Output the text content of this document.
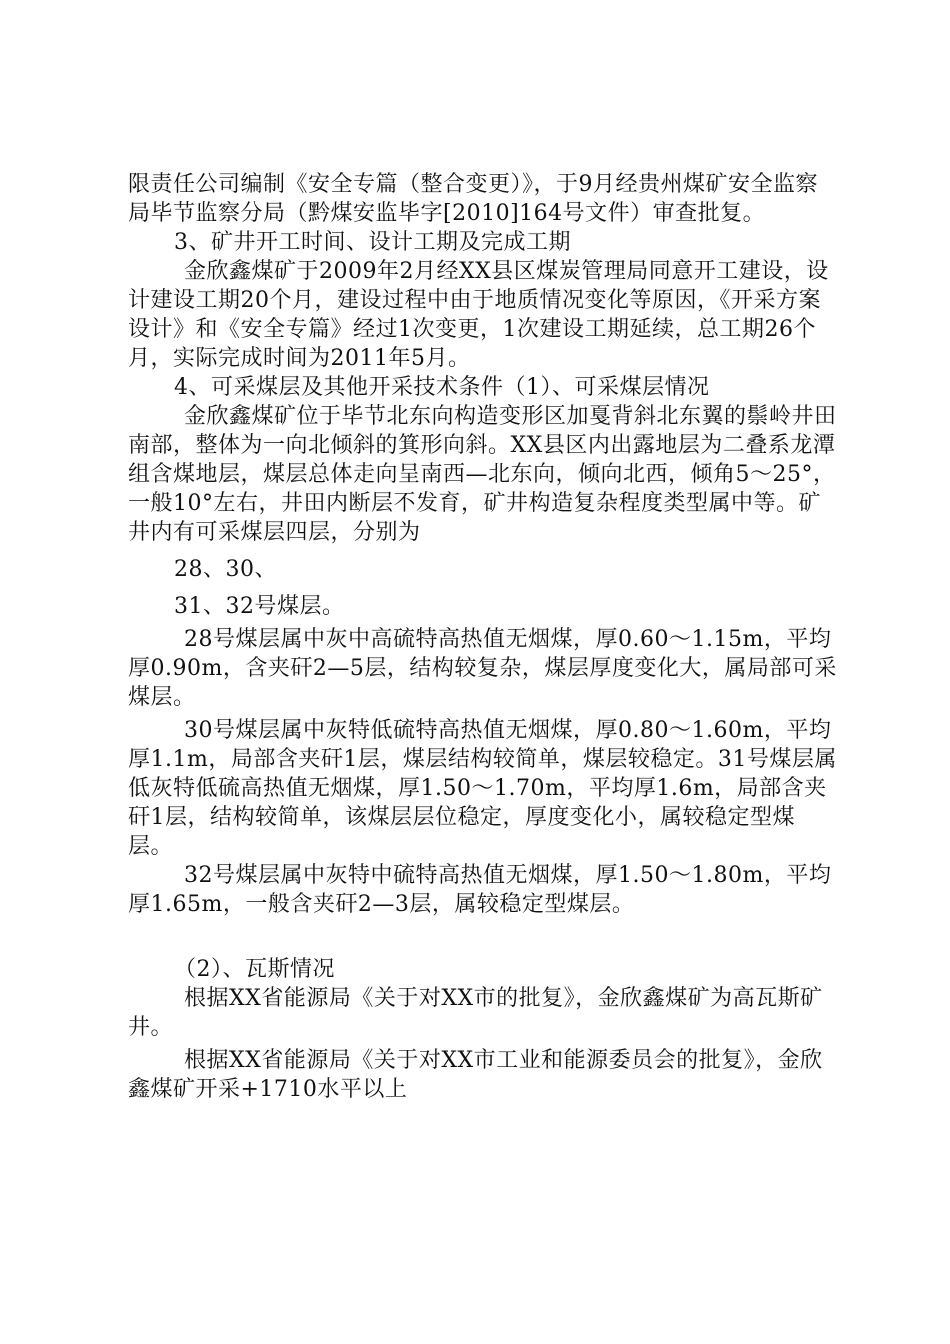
限责任公司编制《安全专篇（整合变更）》，于9月经贵州煤矿安全监察局毕节监察分局（黔煤安监毕字[2010]164号文件）审查批复。

3、矿井开工时间、设计工期及完成工期

金欣鑫煤矿于2009年2月经XX县区煤炭管理局同意开工建设，设计建设工期20个月，建设过程中由于地质情况变化等原因，《开采方案设计》和《安全专篇》经过1次变更，1次建设工期延续，总工期26个月，实际完成时间为2011年5月。

4、可采煤层及其他开采技术条件（1）、可采煤层情况

金欣鑫煤矿位于毕节北东向构造变形区加戛背斜北东翼的鬃岭井田南部，整体为一向北倾斜的箕形向斜。XX县区内出露地层为二叠系龙潭组含煤地层，煤层总体走向呈南西—北东向，倾向北西，倾角5～25°，一般10°左右，井田内断层不发育，矿井构造复杂程度类型属中等。矿井内有可采煤层四层，分别为

28、30、

31、32号煤层。

28号煤层属中灰中高硫特高热值无烟煤，厚0.60～1.15m，平均厚0.90m，含夹矸2—5层，结构较复杂，煤层厚度变化大，属局部可采煤层。

30号煤层属中灰特低硫特高热值无烟煤，厚0.80～1.60m，平均厚1.1m，局部含夹矸1层，煤层结构较简单，煤层较稳定。31号煤层属低灰特低硫高热值无烟煤，厚1.50～1.70m，平均厚1.6m，局部含夹矸1层，结构较简单，该煤层层位稳定，厚度变化小，属较稳定型煤层。

32号煤层属中灰特中硫特高热值无烟煤，厚1.50～1.80m，平均厚1.65m，一般含夹矸2—3层，属较稳定型煤层。

（2）、瓦斯情况

根据XX省能源局《关于对XX市的批复》，金欣鑫煤矿为高瓦斯矿井。

根据XX省能源局《关于对XX市工业和能源委员会的批复》，金欣鑫煤矿开采+1710水平以上
